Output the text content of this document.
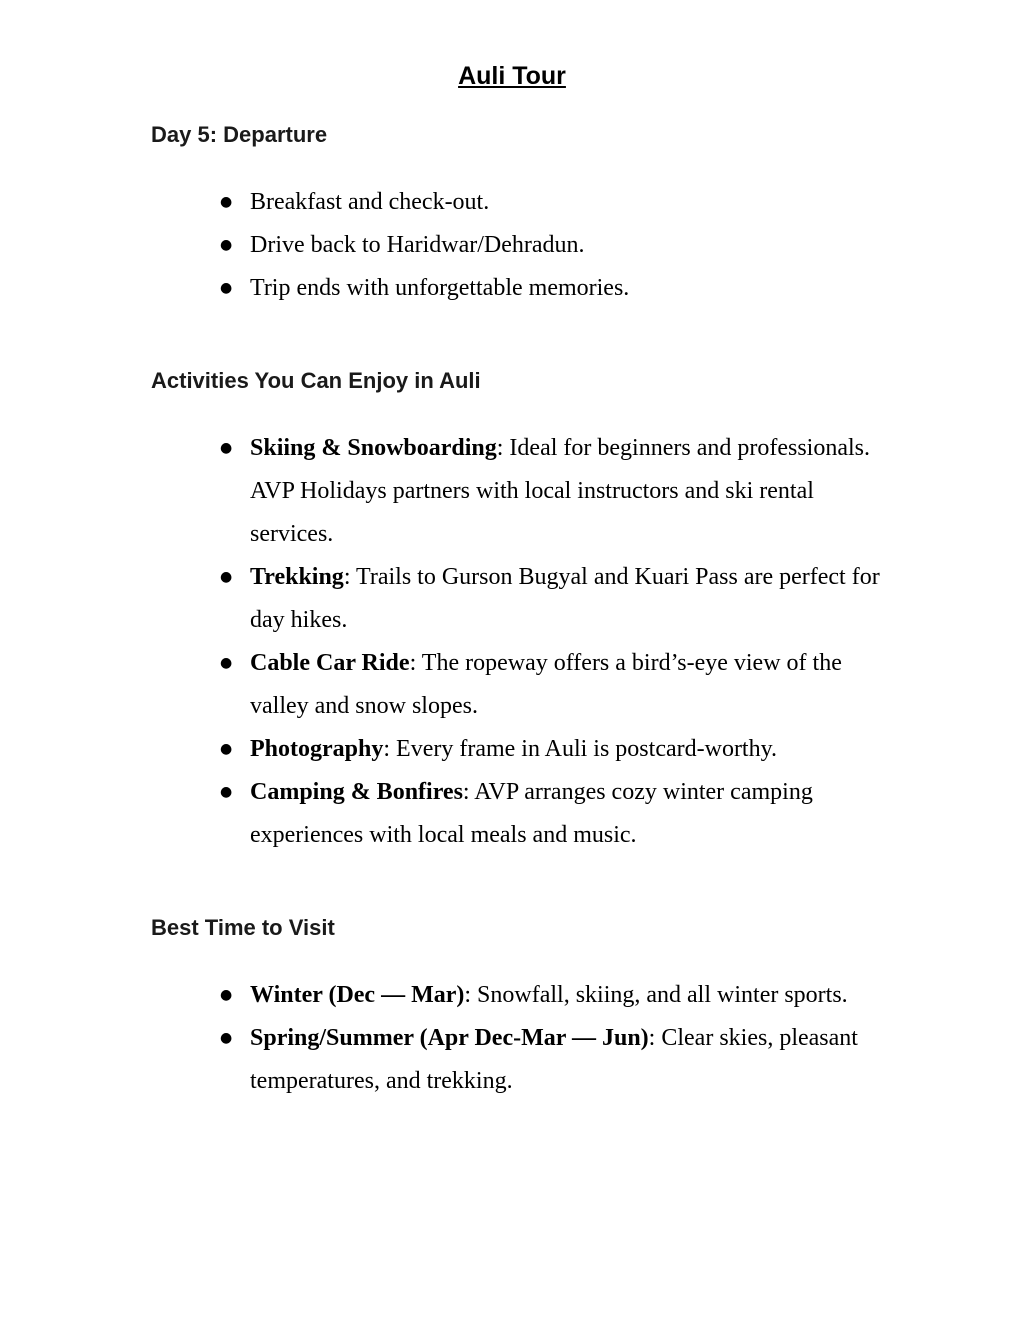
Auli Tour
Day 5: Departure
● Breakfast and check-out.
● Drive back to Haridwar/Dehradun.
● Trip ends with unforgettable memories.
Activities You Can Enjoy in Auli
● Skiing & Snowboarding: Ideal for beginners and professionals. AVP Holidays partners with local instructors and ski rental services.
● Trekking: Trails to Gurson Bugyal and Kuari Pass are perfect for day hikes.
● Cable Car Ride: The ropeway offers a bird’s-eye view of the valley and snow slopes.
● Photography: Every frame in Auli is postcard-worthy.
● Camping & Bonfires: AVP arranges cozy winter camping experiences with local meals and music.
Best Time to Visit
● Winter (Dec — Mar): Snowfall, skiing, and all winter sports.
● Spring/Summer (Apr Dec-Mar — Jun): Clear skies, pleasant temperatures, and trekking.
